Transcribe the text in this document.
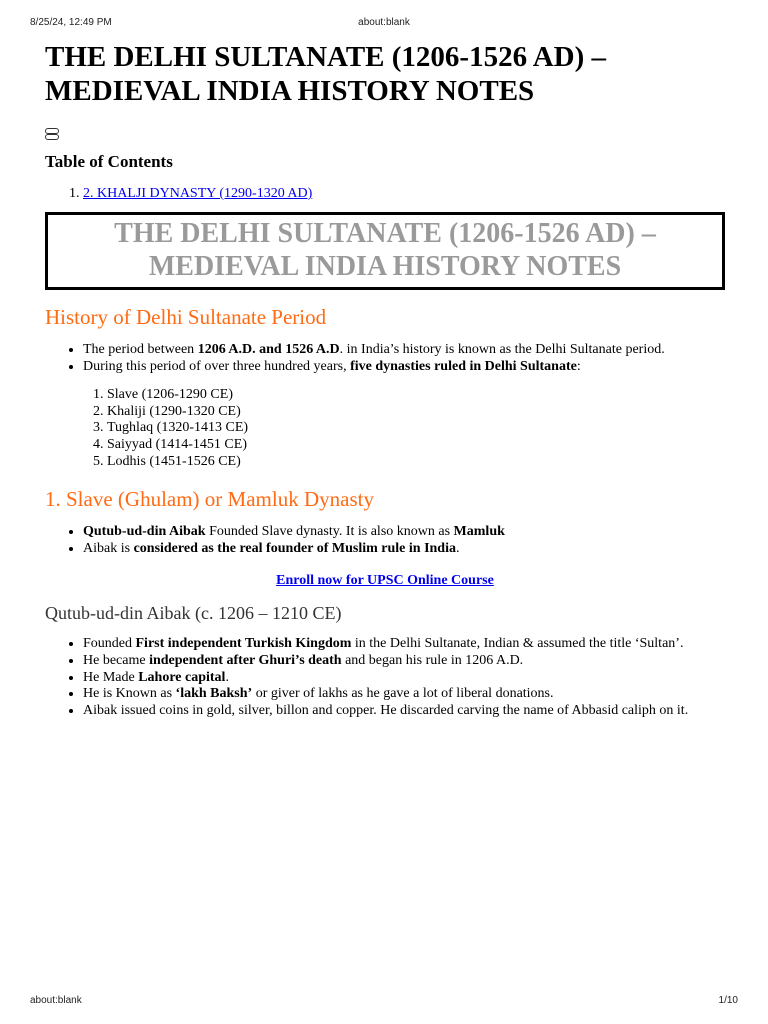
8/25/24, 12:49 PM	about:blank
THE DELHI SULTANATE (1206-1526 AD) – MEDIEVAL INDIA HISTORY NOTES
Table of Contents
1. 2. KHALJI DYNASTY (1290-1320 AD)
THE DELHI SULTANATE (1206-1526 AD) – MEDIEVAL INDIA HISTORY NOTES
History of Delhi Sultanate Period
• The period between 1206 A.D. and 1526 A.D. in India’s history is known as the Delhi Sultanate period.
• During this period of over three hundred years, five dynasties ruled in Delhi Sultanate:
1. Slave (1206-1290 CE)
2. Khaliji (1290-1320 CE)
3. Tughlaq (1320-1413 CE)
4. Saiyyad (1414-1451 CE)
5. Lodhis (1451-1526 CE)
1. Slave (Ghulam) or Mamluk Dynasty
• Qutub-ud-din Aibak Founded Slave dynasty. It is also known as Mamluk
• Aibak is considered as the real founder of Muslim rule in India.
Enroll now for UPSC Online Course
Qutub-ud-din Aibak (c. 1206 – 1210 CE)
• Founded First independent Turkish Kingdom in the Delhi Sultanate, Indian & assumed the title ‘Sultan’.
• He became independent after Ghuri’s death and began his rule in 1206 A.D.
• He Made Lahore capital.
• He is Known as ‘lakh Baksh’ or giver of lakhs as he gave a lot of liberal donations.
• Aibak issued coins in gold, silver, billon and copper. He discarded carving the name of Abbasid caliph on it.
about:blank	1/10
